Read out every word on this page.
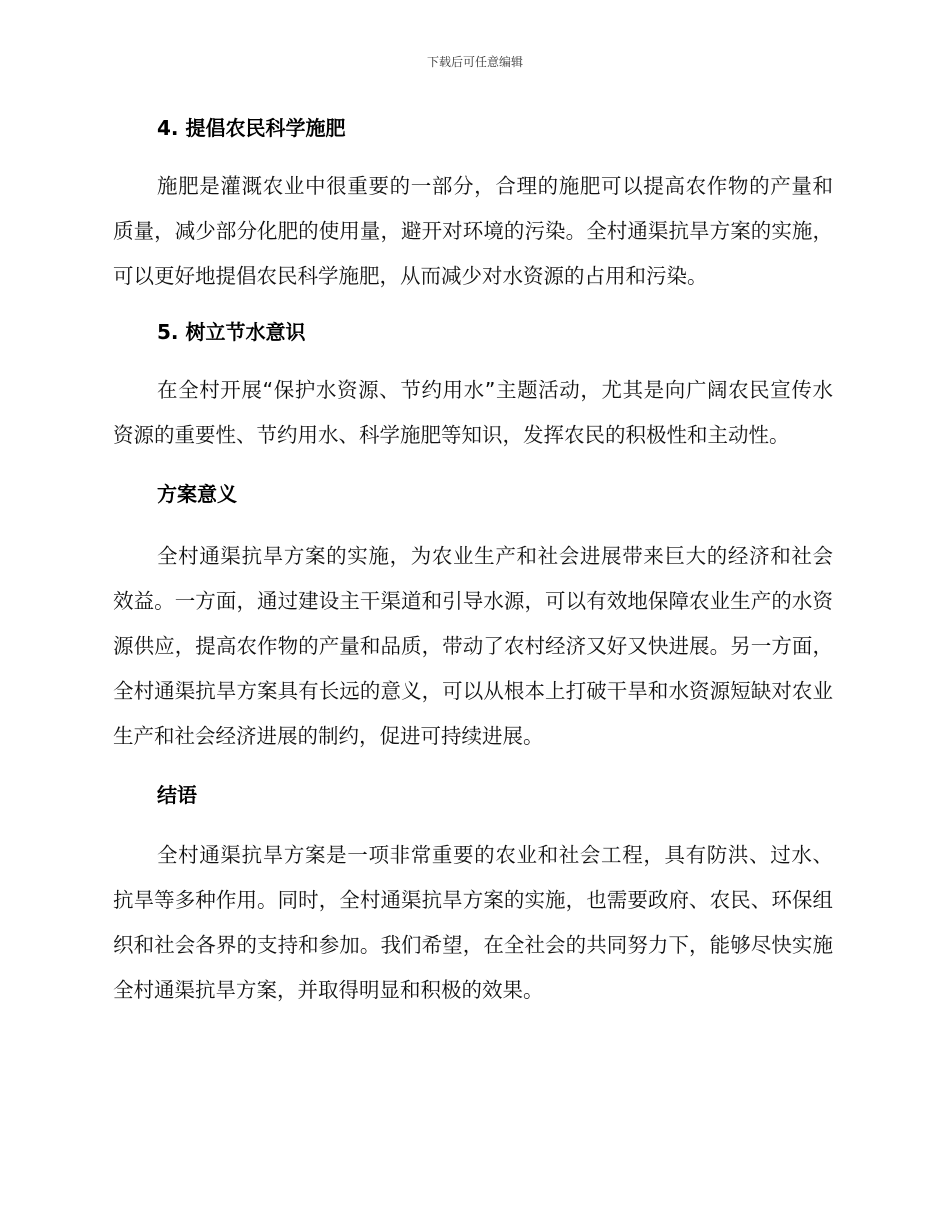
下载后可任意编辑
4. 提倡农民科学施肥

施肥是灌溉农业中很重要的一部分，合理的施肥可以提高农作物的产量和质量，减少部分化肥的使用量，避开对环境的污染。全村通渠抗旱方案的实施，可以更好地提倡农民科学施肥，从而减少对水资源的占用和污染。

5. 树立节水意识

在全村开展“保护水资源、节约用水”主题活动，尤其是向广阔农民宣传水资源的重要性、节约用水、科学施肥等知识，发挥农民的积极性和主动性。

方案意义

全村通渠抗旱方案的实施，为农业生产和社会进展带来巨大的经济和社会效益。一方面，通过建设主干渠道和引导水源，可以有效地保障农业生产的水资源供应，提高农作物的产量和品质，带动了农村经济又好又快进展。另一方面，全村通渠抗旱方案具有长远的意义，可以从根本上打破干旱和水资源短缺对农业生产和社会经济进展的制约，促进可持续进展。

结语

全村通渠抗旱方案是一项非常重要的农业和社会工程，具有防洪、过水、抗旱等多种作用。同时，全村通渠抗旱方案的实施，也需要政府、农民、环保组织和社会各界的支持和参加。我们希望，在全社会的共同努力下，能够尽快实施全村通渠抗旱方案，并取得明显和积极的效果。
